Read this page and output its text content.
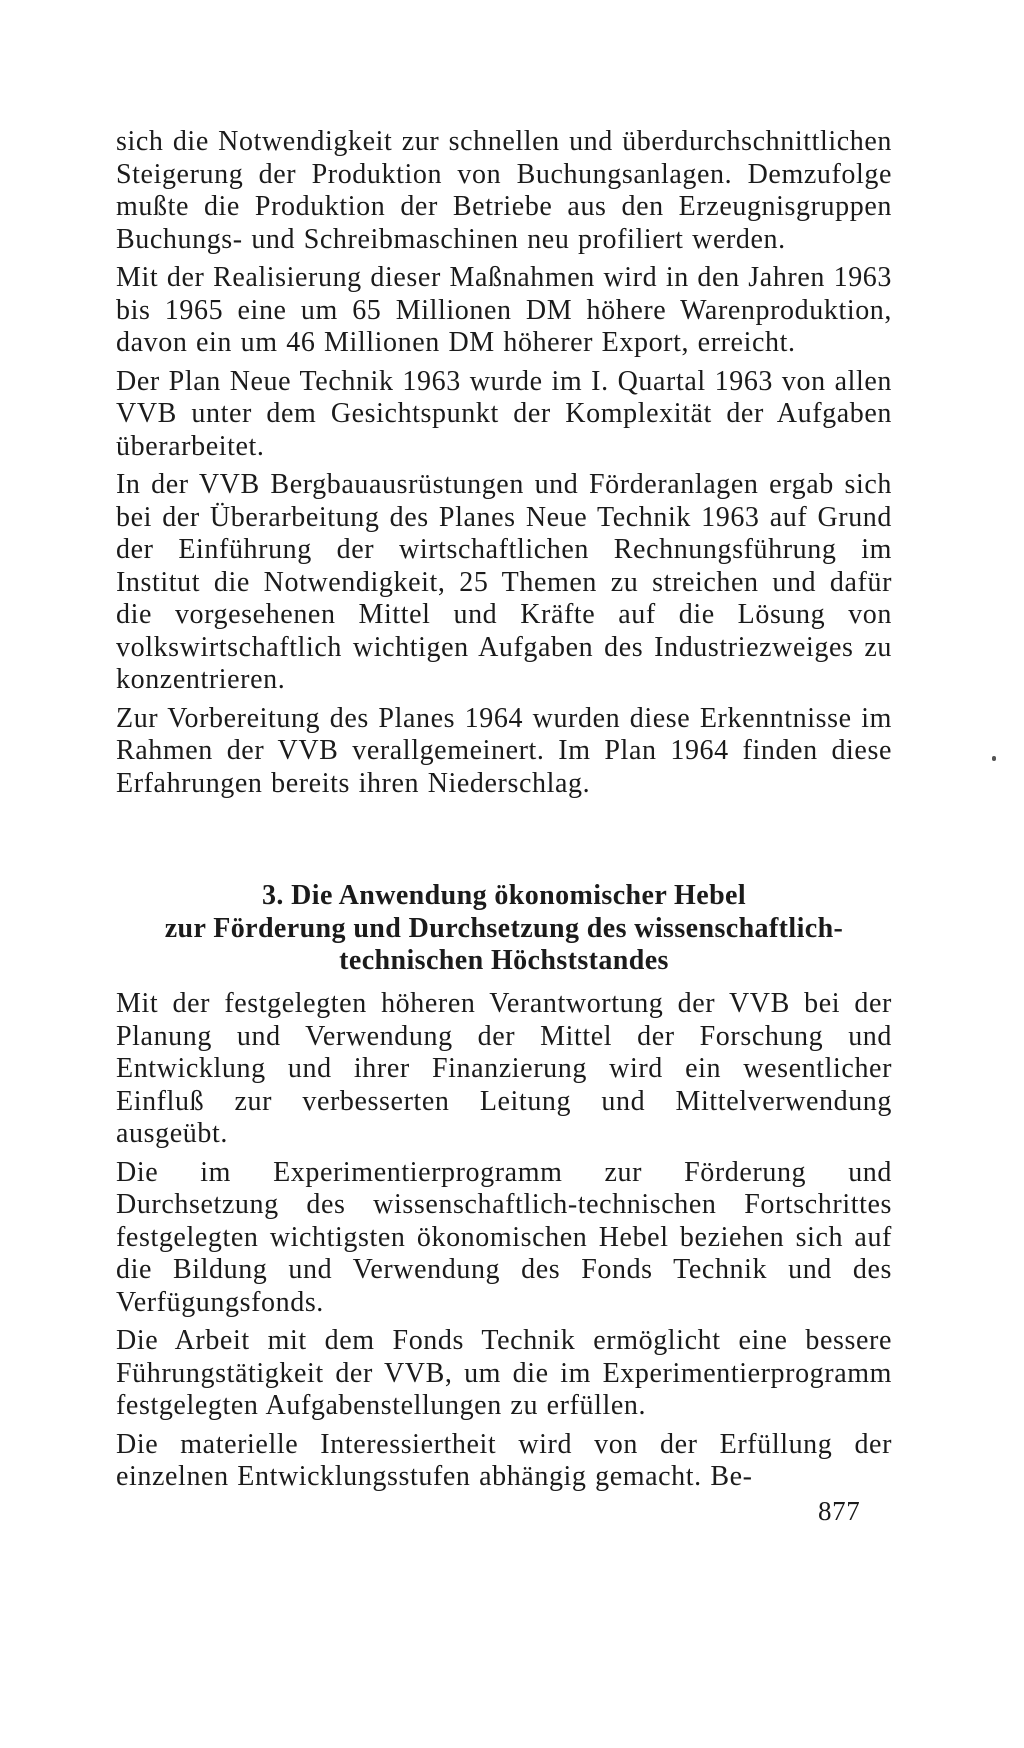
sich die Notwendigkeit zur schnellen und überdurchschnittlichen Steigerung der Produktion von Buchungsanlagen. Demzufolge mußte die Produktion der Betriebe aus den Erzeugnisgruppen Buchungs- und Schreibmaschinen neu profiliert werden.

Mit der Realisierung dieser Maßnahmen wird in den Jahren 1963 bis 1965 eine um 65 Millionen DM höhere Warenproduktion, davon ein um 46 Millionen DM höherer Export, erreicht.

Der Plan Neue Technik 1963 wurde im I. Quartal 1963 von allen VVB unter dem Gesichtspunkt der Komplexität der Aufgaben überarbeitet.

In der VVB Bergbauausrüstungen und Förderanlagen ergab sich bei der Überarbeitung des Planes Neue Technik 1963 auf Grund der Einführung der wirtschaftlichen Rechnungsführung im Institut die Notwendigkeit, 25 Themen zu streichen und dafür die vorgesehenen Mittel und Kräfte auf die Lösung von volkswirtschaftlich wichtigen Aufgaben des Industriezweiges zu konzentrieren.

Zur Vorbereitung des Planes 1964 wurden diese Erkenntnisse im Rahmen der VVB verallgemeinert. Im Plan 1964 finden diese Erfahrungen bereits ihren Niederschlag.

3. Die Anwendung ökonomischer Hebel

zur Förderung und Durchsetzung des wissenschaftlich-

technischen Höchststandes

Mit der festgelegten höheren Verantwortung der VVB bei der Planung und Verwendung der Mittel der Forschung und Entwicklung und ihrer Finanzierung wird ein wesentlicher Einfluß zur verbesserten Leitung und Mittelverwendung ausgeübt.

Die im Experimentierprogramm zur Förderung und Durchsetzung des wissenschaftlich-technischen Fortschrittes festgelegten wichtigsten ökonomischen Hebel beziehen sich auf die Bildung und Verwendung des Fonds Technik und des Verfügungsfonds.

Die Arbeit mit dem Fonds Technik ermöglicht eine bessere Führungstätigkeit der VVB, um die im Experimentierprogramm festgelegten Aufgabenstellungen zu erfüllen.

Die materielle Interessiertheit wird von der Erfüllung der einzelnen Entwicklungsstufen abhängig gemacht. Be-

877
